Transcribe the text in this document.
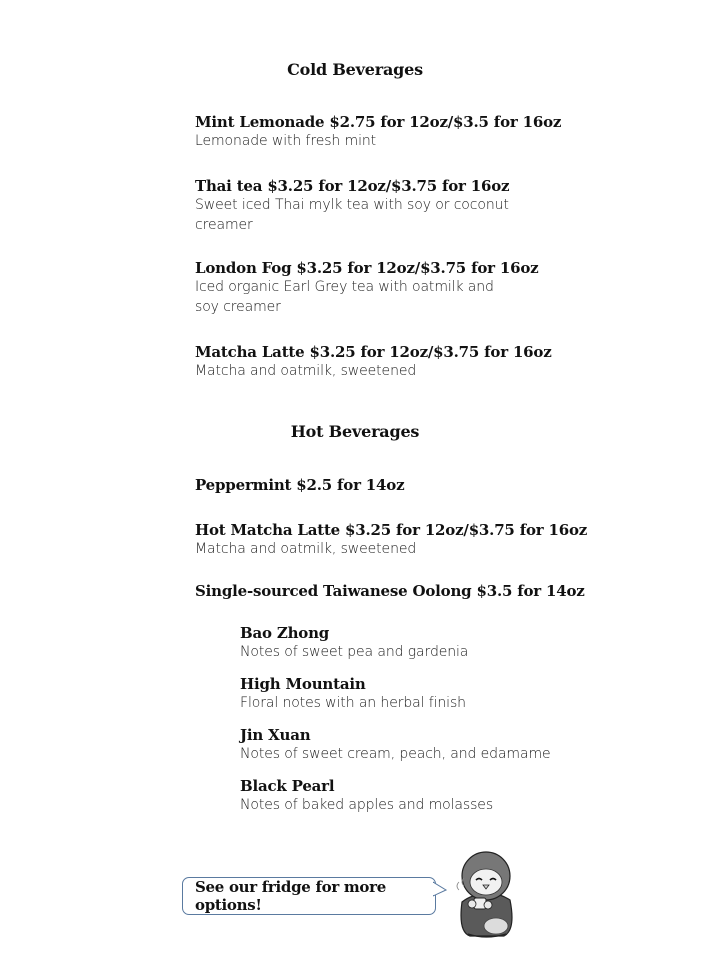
Cold Beverages
Mint Lemonade $2.75 for 12oz/$3.5 for 16oz
Lemonade with fresh mint
Thai tea $3.25 for 12oz/$3.75 for 16oz
Sweet iced Thai mylk tea with soy or coconut creamer
London Fog $3.25 for 12oz/$3.75 for 16oz
Iced organic Earl Grey tea with oatmilk and soy creamer
Matcha Latte $3.25 for 12oz/$3.75 for 16oz
Matcha and oatmilk, sweetened
Hot Beverages
Peppermint $2.5 for 14oz
Hot Matcha Latte $3.25 for 12oz/$3.75 for 16oz
Matcha and oatmilk, sweetened
Single-sourced Taiwanese Oolong $3.5 for 14oz
Bao Zhong
Notes of sweet pea and gardenia
High Mountain
Floral notes with an herbal finish
Jin Xuan
Notes of sweet cream, peach, and edamame
Black Pearl
Notes of baked apples and molasses
See our fridge for more options!
